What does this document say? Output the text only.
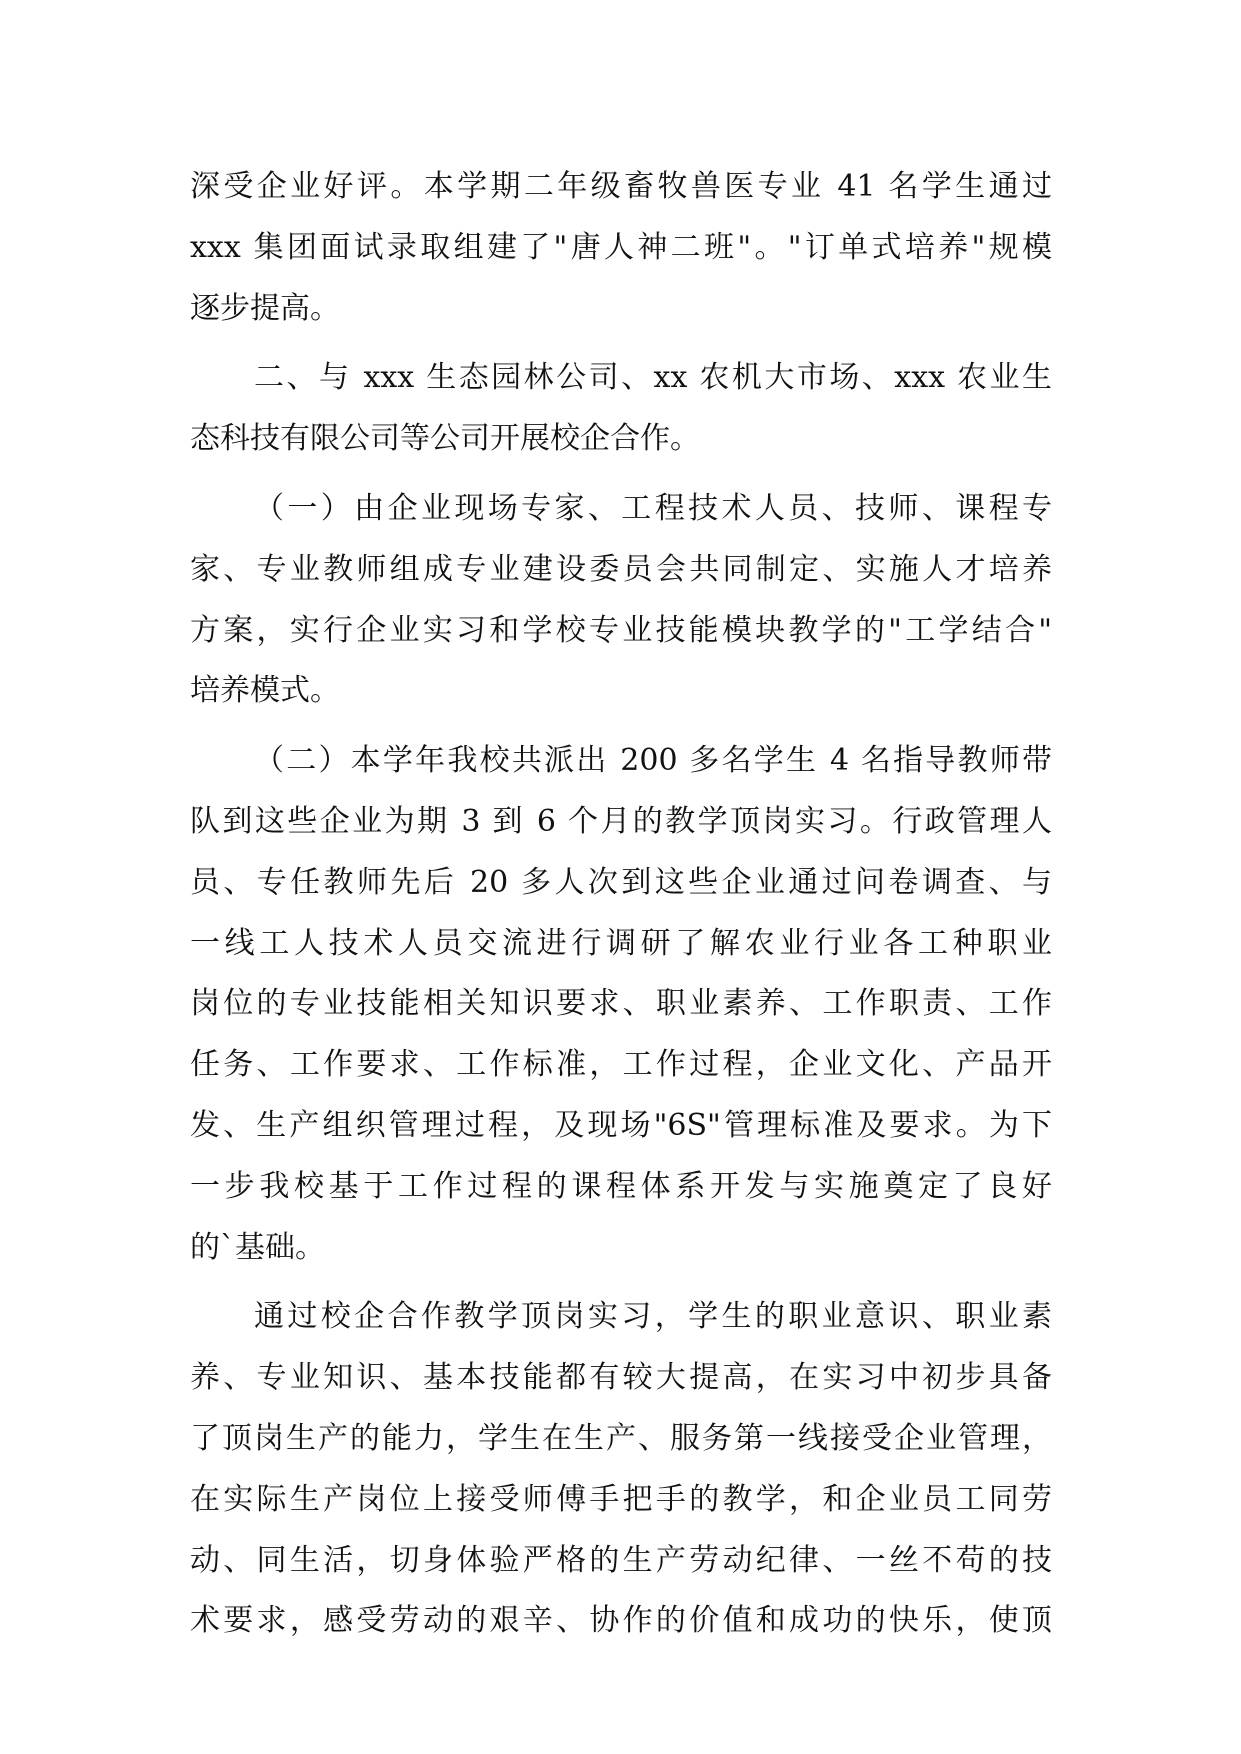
深受企业好评。本学期二年级畜牧兽医专业 41 名学生通过
xxx 集团面试录取组建了"唐人神二班"。"订单式培养"规模
逐步提高。
二、与 xxx 生态园林公司、xx 农机大市场、xxx 农业生
态科技有限公司等公司开展校企合作。
（一）由企业现场专家、工程技术人员、技师、课程专
家、专业教师组成专业建设委员会共同制定、实施人才培养
方案，实行企业实习和学校专业技能模块教学的"工学结合"
培养模式。
（二）本学年我校共派出 200 多名学生 4 名指导教师带
队到这些企业为期 3 到 6 个月的教学顶岗实习。行政管理人
员、专任教师先后 20 多人次到这些企业通过问卷调查、与
一线工人技术人员交流进行调研了解农业行业各工种职业
岗位的专业技能相关知识要求、职业素养、工作职责、工作
任务、工作要求、工作标准，工作过程，企业文化、产品开
发、生产组织管理过程，及现场"6S"管理标准及要求。为下
一步我校基于工作过程的课程体系开发与实施奠定了良好
的`基础。
通过校企合作教学顶岗实习，学生的职业意识、职业素
养、专业知识、基本技能都有较大提高，在实习中初步具备
了顶岗生产的能力，学生在生产、服务第一线接受企业管理，
在实际生产岗位上接受师傅手把手的教学，和企业员工同劳
动、同生活，切身体验严格的生产劳动纪律、一丝不苟的技
术要求，感受劳动的艰辛、协作的价值和成功的快乐，使顶
